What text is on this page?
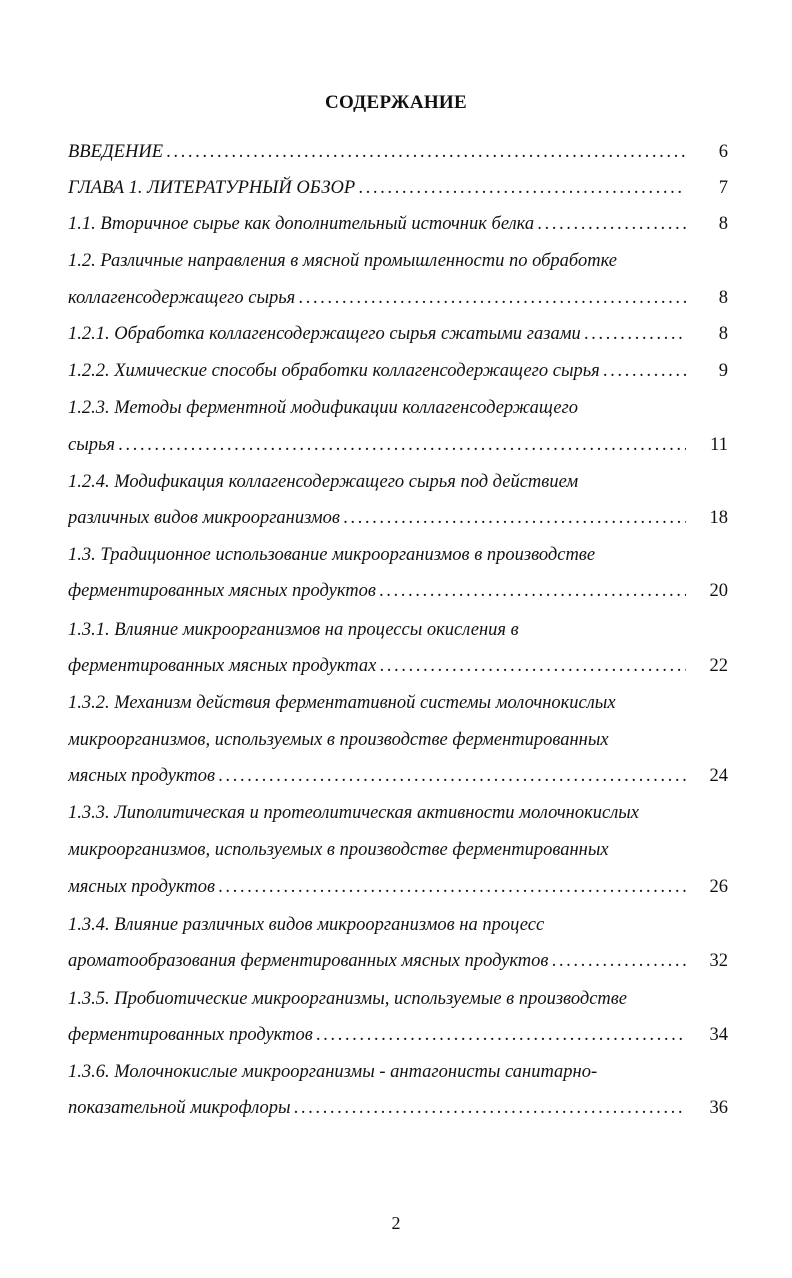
СОДЕРЖАНИЕ
ВВЕДЕНИЕ . . .	6
ГЛАВА 1. ЛИТЕРАТУРНЫЙ ОБЗОР . . .	7
1.1. Вторичное сырье как дополнительный источник белка . . .	8
1.2. Различные направления в мясной промышленности по обработке
коллагенсодержащего сырья . . .	8
1.2.1. Обработка коллагенсодержащего сырья сжатыми газами . . .	8
1.2.2. Химические способы обработки коллагенсодержащего сырья . . .	9
1.2.3. Методы ферментной модификации коллагенсодержащего
сырья . . .	11
1.2.4. Модификация коллагенсодержащего сырья под действием
различных видов микроорганизмов . . .	18
1.3. Традиционное использование микроорганизмов в производстве
ферментированных мясных продуктов . . .	20
1.3.1. Влияние микроорганизмов на процессы окисления в
ферментированных мясных продуктах . . .	22
1.3.2. Механизм действия ферментативной системы молочнокислых
микроорганизмов, используемых в производстве ферментированных
мясных продуктов . . .	24
1.3.3. Липолитическая и протеолитическая активности молочнокислых
микроорганизмов, используемых в производстве ферментированных
мясных продуктов . . .	26
1.3.4. Влияние различных видов микроорганизмов на процесс
ароматообразования ферментированных мясных продуктов . . .	32
1.3.5. Пробиотические микроорганизмы, используемые в производстве
ферментированных продуктов . . .	34
1.3.6. Молочнокислые микроорганизмы - антагонисты санитарно-
показательной микрофлоры . . .	36
2
